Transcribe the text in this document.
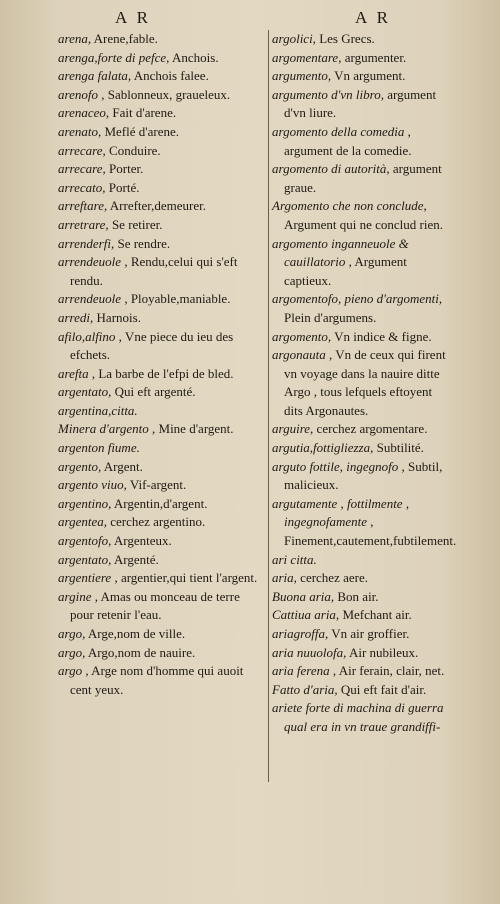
A R	A R
arena, Arene,fable.
arenga,forte di pefce, Anchois.
arenga falata, Anchois falee.
arenofo , Sablonneux, graueleux.
arenaceo, Fait d'arene.
arenato, Meflé d'arene.
arrecare, Conduire.
arrecare, Porter.
arrecato, Porté.
arreftare, Arrefter,demeurer.
arretrare, Se retirer.
arrenderfi, Se rendre.
arrendeuole , Rendu,celui qui s'eft rendu.
arrendeuole , Ployable,maniable.
arredi, Harnois.
afilo,alfino , Vne piece du ieu des efchets.
arefta , La barbe de l'efpi de bled.
argentato, Qui eft argenté.
argentina,citta.
Minera d'argento , Mine d'argent.
argenton fiume.
argento, Argent.
argento viuo, Vif-argent.
argentino, Argentin,d'argent.
argentea, cerchez argentino.
argentofo, Argenteux.
argentato, Argenté.
argentiere , argentier,qui tient l'argent.
argine , Amas ou monceau de terre pour retenir l'eau.
argo, Arge,nom de ville.
argo, Argo,nom de nauire.
argo , Arge nom d'homme qui auoit cent yeux.
argolici, Les Grecs.
argomentare, argumenter.
argumento, Vn argument.
argumento d'vn libro, argument d'vn liure.
argomento della comedia , argument de la comedie.
argomento di autorità, argument graue.
Argomento che non conclude, Argument qui ne conclud rien.
argomento inganneuole & cauillatorio , Argument captieux.
argomentofo, pieno d'argomenti, Plein d'argumens.
argomento, Vn indice & figne.
argonauta , Vn de ceux qui firent vn voyage dans la nauire ditte Argo , tous lefquels eftoyent dits Argonautes.
arguire, cerchez argomentare.
argutia,fottigliezza, Subtilité.
arguto fottile, ingegnofo , Subtil, malicieux.
argutamente , fottilmente , ingegnofamente , Finement,cautement,fubtilement.
ari citta.
aria, cerchez aere.
Buona aria, Bon air.
Cattiua aria, Mefchant air.
ariagroffa, Vn air groffier.
aria nuuolofa, Air nubileux.
aria ferena , Air ferain, clair, net.
Fatto d'aria, Qui eft fait d'air.
ariete forte di machina di guerra qual era in vn traue grandiffi-
